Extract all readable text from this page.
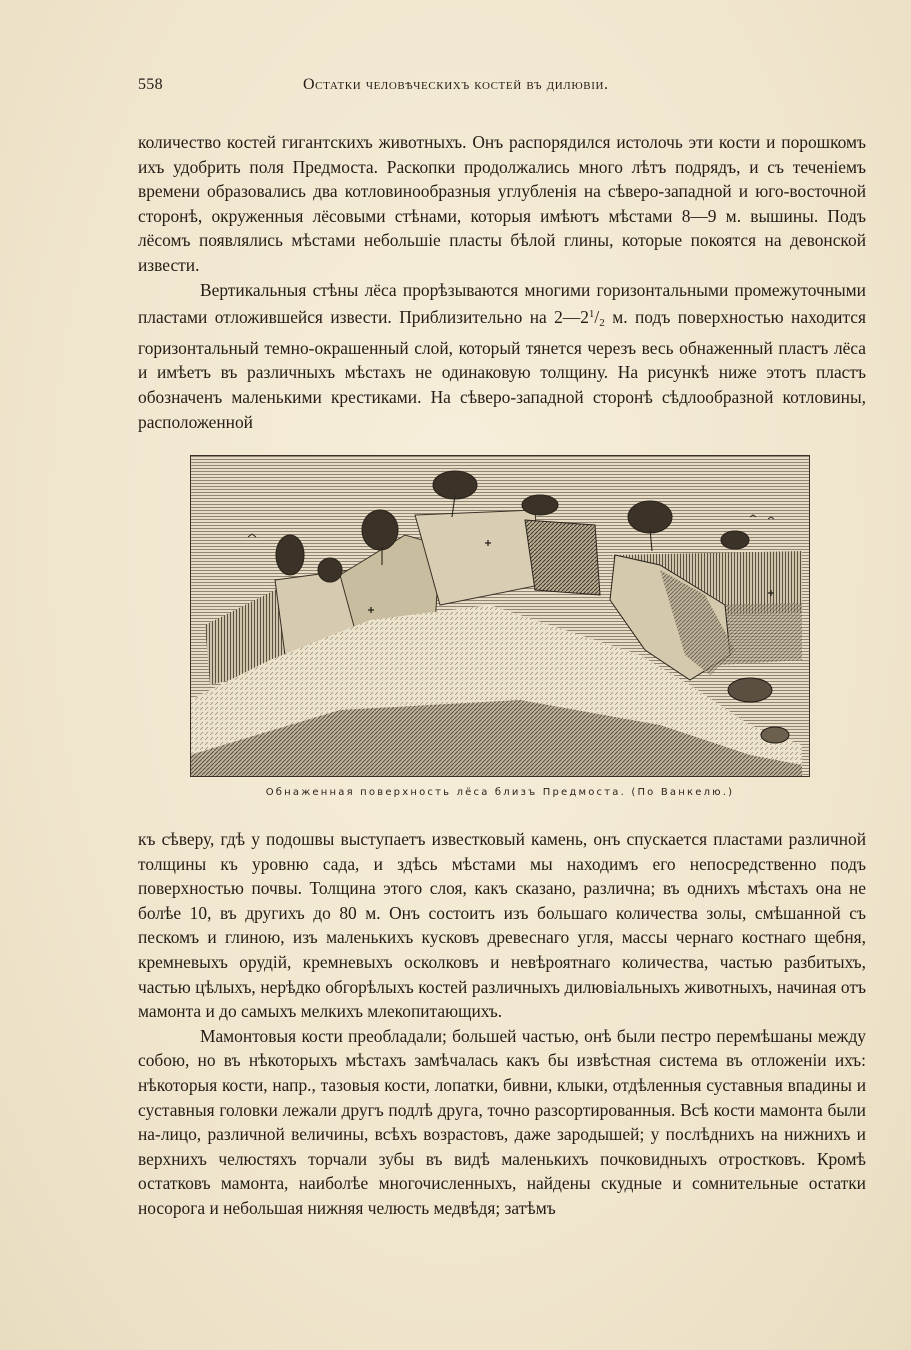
558	Остатки человѣческихъ костей въ дилювіи.

количество костей гигантскихъ животныхъ. Онъ распорядился истолочь эти кости и порошкомъ ихъ удобрить поля Предмоста. Раскопки продолжались много лѣтъ подрядъ, и съ теченіемъ времени образовались два котловинообразныя углубленія на сѣверо-западной и юго-восточной сторонѣ, окруженныя лёсовыми стѣнами, которыя имѣютъ мѣстами 8—9 м. вышины. Подъ лёсомъ появлялись мѣстами небольшіе пласты бѣлой глины, которые покоятся на девонской извести.

Вертикальныя стѣны лёса прорѣзываются многими горизонтальными промежуточными пластами отложившейся извести. Приблизительно на $2—2^1/_2$ м. подъ поверхностью находится горизонтальный темно-окрашенный слой, который тянется черезъ весь обнаженный пластъ лёса и имѣетъ въ различныхъ мѣстахъ не одинаковую толщину. На рисункѣ ниже этотъ пластъ обозначенъ маленькими крестиками. На сѣверо-западной сторонѣ сѣдлообразной котловины, расположенной

Обнаженная поверхность лёса близъ Предмоста. (По Ванкелю.)

къ сѣверу, гдѣ у подошвы выступаетъ известковый камень, онъ спускается пластами различной толщины къ уровню сада, и здѣсь мѣстами мы находимъ его непосредственно подъ поверхностью почвы. Толщина этого слоя, какъ сказано, различна; въ однихъ мѣстахъ она не болѣе 10, въ другихъ до 80 м. Онъ состоитъ изъ большаго количества золы, смѣшанной съ пескомъ и глиною, изъ маленькихъ кусковъ древеснаго угля, массы чернаго костнаго щебня, кремневыхъ орудій, кремневыхъ осколковъ и невѣроятнаго количества, частью разбитыхъ, частью цѣлыхъ, нерѣдко обгорѣлыхъ костей различныхъ дилювіальныхъ животныхъ, начиная отъ мамонта и до самыхъ мелкихъ млекопитающихъ.

Мамонтовыя кости преобладали; большей частью, онѣ были пестро перемѣшаны между собою, но въ нѣкоторыхъ мѣстахъ замѣчалась какъ бы извѣстная система въ отложеніи ихъ: нѣкоторыя кости, напр., тазовыя кости, лопатки, бивни, клыки, отдѣленныя суставныя впадины и суставныя головки лежали другъ подлѣ друга, точно разсортированныя. Всѣ кости мамонта были на-лицо, различной величины, всѣхъ возрастовъ, даже зародышей; у послѣднихъ на нижнихъ и верхнихъ челюстяхъ торчали зубы въ видѣ маленькихъ почковидныхъ отростковъ. Кромѣ остатковъ мамонта, наиболѣе многочисленныхъ, найдены скудные и сомнительные остатки носорога и небольшая нижняя челюсть медвѣдя; затѣмъ
